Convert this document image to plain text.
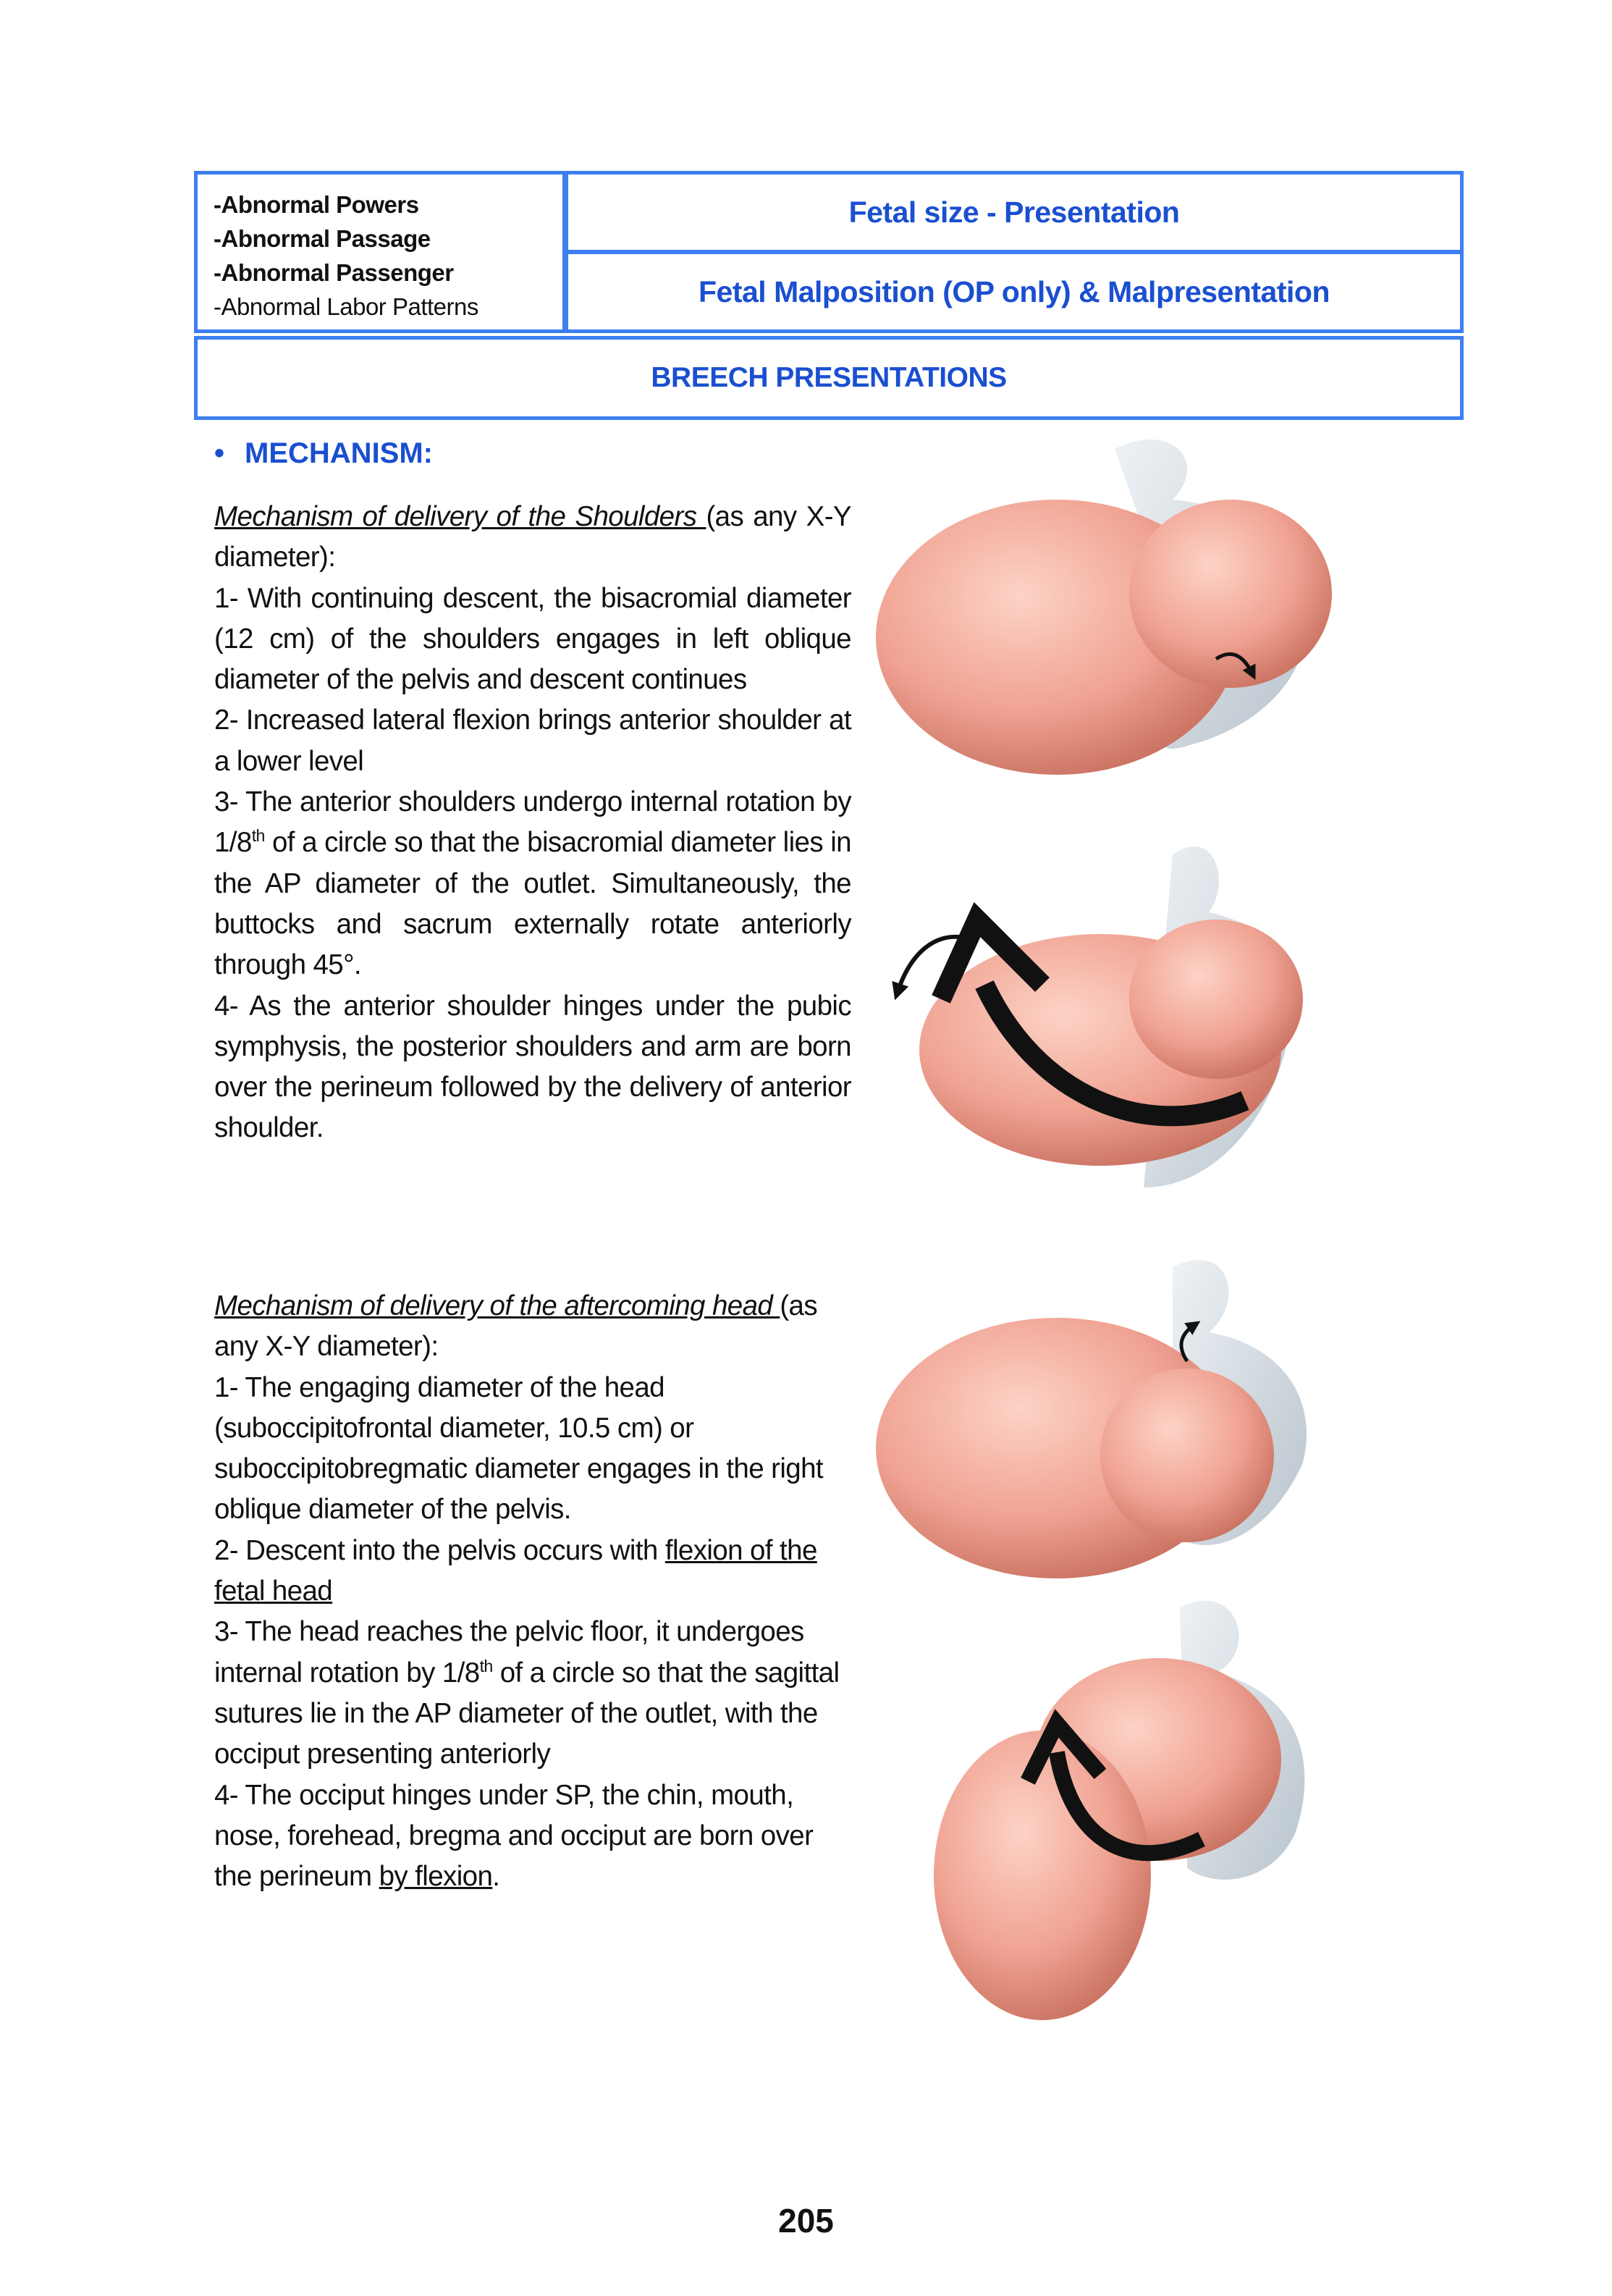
-Abnormal Powers
-Abnormal Passage
-Abnormal Passenger
-Abnormal Labor Patterns
Fetal size - Presentation
Fetal Malposition (OP only) & Malpresentation
BREECH PRESENTATIONS
• MECHANISM:

Mechanism of delivery of the Shoulders (as any X-Y diameter):

1- With continuing descent, the bisacromial diameter (12 cm) of the shoulders engages in left oblique diameter of the pelvis and descent continues

2- Increased lateral flexion brings anterior shoulder at a lower level

3- The anterior shoulders undergo internal rotation by 1/8th of a circle so that the bisacromial diameter lies in the AP diameter of the outlet. Simultaneously, the buttocks and sacrum externally rotate anteriorly through 45°.

4- As the anterior shoulder hinges under the pubic symphysis, the posterior shoulders and arm are born over the perineum followed by the delivery of anterior shoulder.

Mechanism of delivery of the aftercoming head (as any X-Y diameter):

1- The engaging diameter of the head (suboccipitofrontal diameter, 10.5 cm) or suboccipitobregmatic diameter engages in the right oblique diameter of the pelvis.

2- Descent into the pelvis occurs with flexion of the fetal head

3- The head reaches the pelvic floor, it undergoes internal rotation by 1/8th of a circle so that the sagittal sutures lie in the AP diameter of the outlet, with the occiput presenting anteriorly

4- The occiput hinges under SP, the chin, mouth, nose, forehead, bregma and occiput are born over the perineum by flexion.

205
